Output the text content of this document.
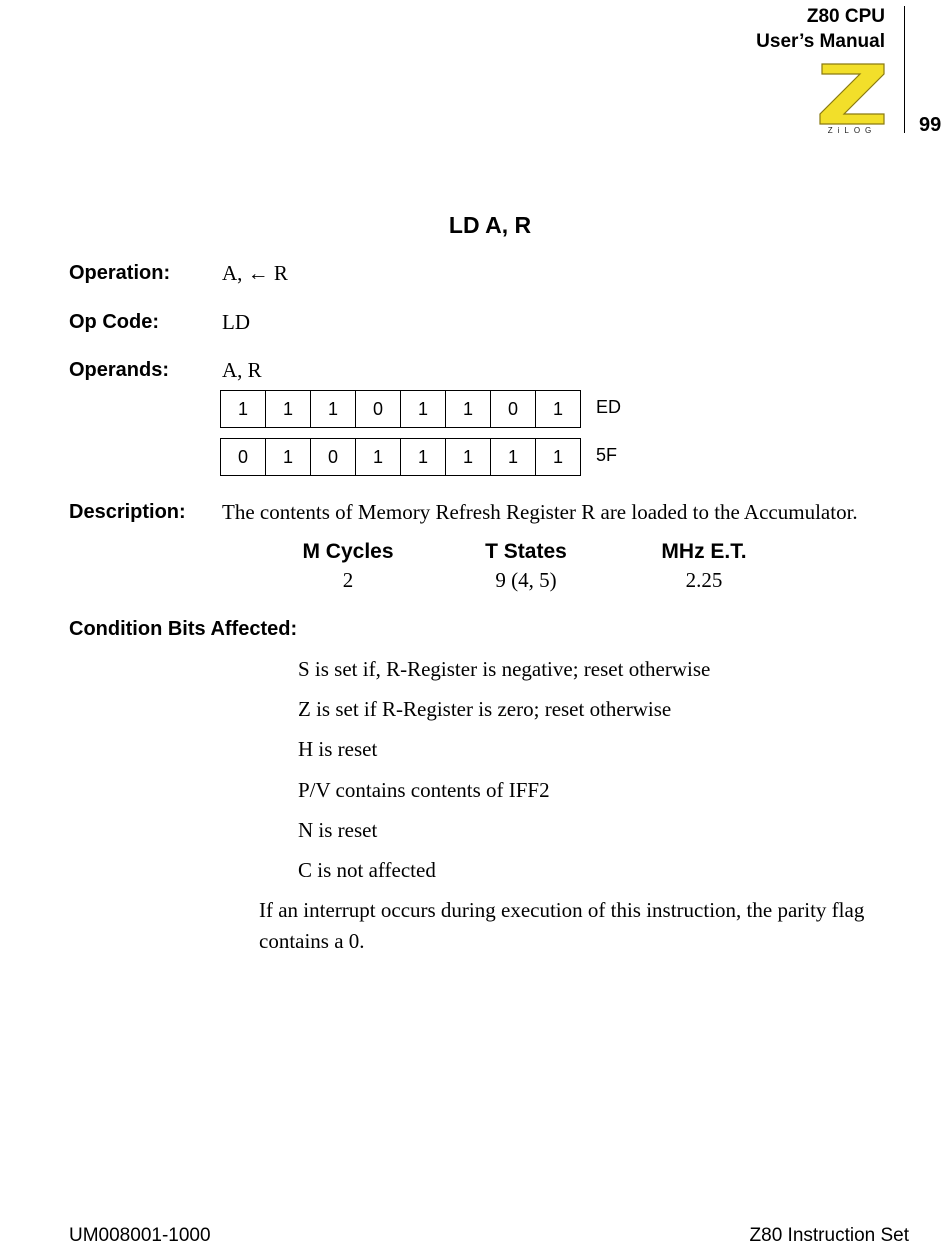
Z80 CPU
User’s Manual
99
ZiLOG
LD A, R
Operation: A, ← R
Op Code:	LD
Operands:	A, R
1	1	1	0	1	1	0	1	ED
0	1	0	1	1	1	1	1	5F
Description: The contents of Memory Refresh Register R are loaded to the Accumulator.
M Cycles	T States	MHz E.T.
2	9 (4, 5)	2.25
Condition Bits Affected:
S is set if, R-Register is negative; reset otherwise
Z is set if R-Register is zero; reset otherwise
H is reset
P/V contains contents of IFF2
N is reset
C is not affected
If an interrupt occurs during execution of this instruction, the parity flag contains a 0.
UM008001-1000	Z80 Instruction Set
